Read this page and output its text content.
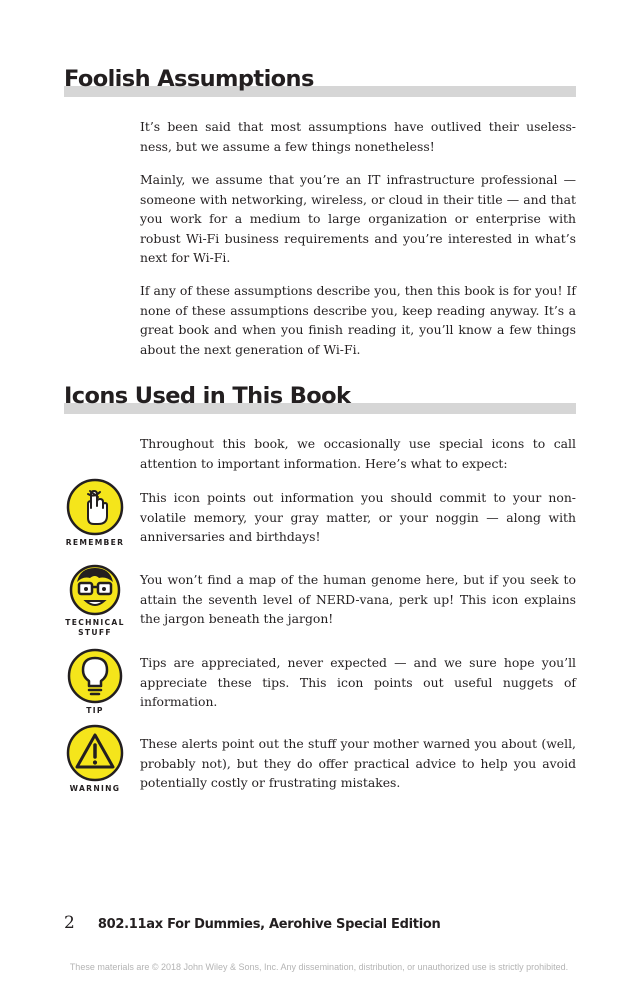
Foolish Assumptions

It’s been said that most assumptions have outlived their useless-ness, but we assume a few things nonetheless!

Mainly, we assume that you’re an IT infrastructure professional — someone with networking, wireless, or cloud in their title — and that you work for a medium to large organization or enterprise with robust Wi-Fi business requirements and you’re interested in what’s next for Wi-Fi.

If any of these assumptions describe you, then this book is for you! If none of these assumptions describe you, keep reading anyway. It’s a great book and when you finish reading it, you’ll know a few things about the next generation of Wi-Fi.

Icons Used in This Book

Throughout this book, we occasionally use special icons to call attention to important information. Here’s what to expect:

REMEMBER

This icon points out information you should commit to your non-volatile memory, your gray matter, or your noggin — along with anniversaries and birthdays!

TECHNICAL
STUFF

You won’t find a map of the human genome here, but if you seek to attain the seventh level of NERD-vana, perk up! This icon explains the jargon beneath the jargon!

TIP

Tips are appreciated, never expected — and we sure hope you’ll appreciate these tips. This icon points out useful nuggets of information.

WARNING

These alerts point out the stuff your mother warned you about (well, probably not), but they do offer practical advice to help you avoid potentially costly or frustrating mistakes.

2 802.11ax For Dummies, Aerohive Special Edition
These materials are © 2018 John Wiley & Sons, Inc. Any dissemination, distribution, or unauthorized use is strictly prohibited.
